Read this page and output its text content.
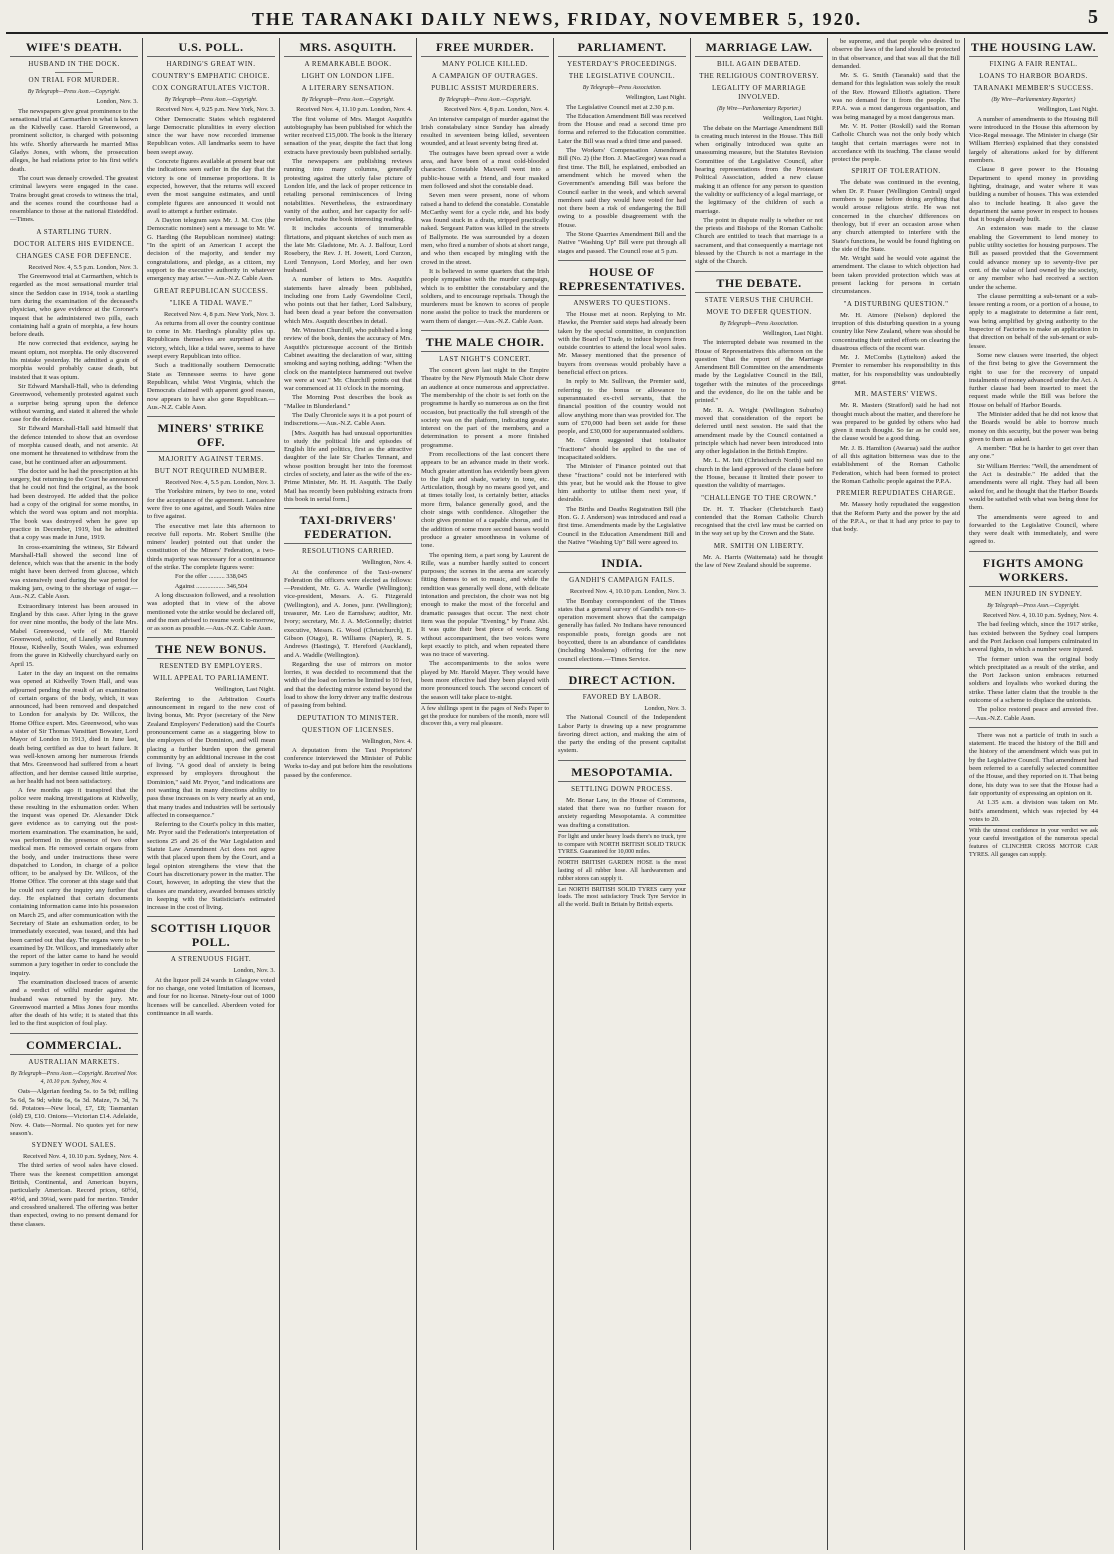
THE TARANAKI DAILY NEWS, FRIDAY, NOVEMBER 5, 1920.	5
WIFE'S DEATH.
HUSBAND IN THE DOCK.
ON TRIAL FOR MURDER.
By Telegraph—Press Assn.—Copyright.
London, Nov. 3.

The newspapers give great prominence to the sensational trial at Carmarthen in what is known as the Kidwelly case. Harold Greenwood, a prominent solicitor, is charged with poisoning his wife. Shortly afterwards he married Miss Gladys Jones, with whom, the prosecution alleges, he had relations prior to his first wife's death.

The court was densely crowded. The greatest criminal lawyers were engaged in the case. Trains brought great crowds to witness the trial, and the scenes round the courthouse had a resemblance to those at the national Eisteddfod.—Times.

A STARTLING TURN.
DOCTOR ALTERS HIS EVIDENCE.
CHANGES CASE FOR DEFENCE.
Received Nov. 4, 5.5 p.m. London, Nov. 3.

The Greenwood trial at Carmarthen, which is regarded as the most sensational murder trial since the Seddon case in 1914, took a startling turn during the examination of the deceased's physician, who gave evidence at the Coroner's inquest that he administered two pills, each containing half a grain of morphia, a few hours before death.

He now corrected that evidence, saying he meant opium, not morphia. He only discovered his mistake yesterday. He admitted a grain of morphia would probably cause death, but insisted that it was opium.

Sir Edward Marshall-Hall, who is defending Greenwood, vehemently protested against such a surprise being sprung upon the defence without warning, and stated it altered the whole case for the defence.

Sir Edward Marshall-Hall said himself that the defence intended to show that an overdose of morphia caused death, and not arsenic. At one moment he threatened to withdraw from the case, but he continued after an adjournment.

The doctor said he had the prescription at his surgery, but returning to the Court he announced that he could not find the original, as the book had been destroyed. He added that the police had a copy of the original for some months, in which the word was opium and not morphia. The book was destroyed when he gave up practice in December, 1919, but he admitted that a copy was made in June, 1919.

In cross-examining the witness, Sir Edward Marshall-Hall showed the second line of defence, which was that the arsenic in the body might have been derived from glucose, which was extensively used during the war period for making jam, owing to the shortage of sugar.—Aus.-N.Z. Cable Assn.

Extraordinary interest has been aroused in England by this case. After lying in the grave for over nine months, the body of the late Mrs. Mabel Greenwood, wife of Mr. Harold Greenwood, solicitor, of Llanelly and Rumney House, Kidwelly, South Wales, was exhumed from the grave in Kidwelly churchyard early on April 15.

Later in the day an inquest on the remains was opened at Kidwelly Town Hall, and was adjourned pending the result of an examination of certain organs of the body, which, it was announced, had been removed and despatched to London for analysis by Dr. Willcox, the Home Office expert. Mrs. Greenwood, who was a sister of Sir Thomas Vansittart Bowater, Lord Mayor of London in 1913, died in June last, death being certified as due to heart failure. It was well-known among her numerous friends that Mrs. Greenwood had suffered from a heart affection, and her demise caused little surprise, as her health had not been satisfactory.

A few months ago it transpired that the police were making investigations at Kidwelly, these resulting in the exhumation order. When the inquest was opened Dr. Alexander Dick gave evidence as to carrying out the post-mortem examination. The examination, he said, was performed in the presence of two other medical men. He removed certain organs from the body, and under instructions these were dispatched to London, in charge of a police officer, to be analysed by Dr. Willcox, of the Home Office. The coroner at this stage said that he could not carry the inquiry any further that day. He explained that certain documents containing information came into his possession on March 25, and after communication with the Secretary of State an exhumation order, to be immediately executed, was issued, and this had been carried out that day. The organs were to be examined by Dr. Willcox, and immediately after the report of the latter came to hand he would summon a jury together in order to conclude the inquiry.

The examination disclosed traces of arsenic and a verdict of wilful murder against the husband was returned by the jury. Mr. Greenwood married a Miss Jones four months after the death of his wife; it is stated that this led to the first suspicion of foul play.

COMMERCIAL.
AUSTRALIAN MARKETS.
By Telegraph—Press Assn.—Copyright. Received Nov. 4, 10.10 p.m. Sydney, Nov. 4.

Oats—Algerian feeding 5s. to 5s 9d; milling 5s 6d, 5s 9d; white 6s, 6s 3d. Maize, 7s 3d, 7s 6d. Potatoes—New local, £7, £8; Tasmanian (old) £9, £10. Onions—Victorian £14. Adelaide, Nov. 4. Oats—Normal. No quotes yet for new season's.

SYDNEY WOOL SALES.
Received Nov. 4, 10.10 p.m. Sydney, Nov. 4.

The third series of wool sales have closed. There was the keenest competition amongst British, Continental, and American buyers, particularly American. Record prices, 60½d, 49½d, and 39¼d, were paid for merino. Tender and crossbred unaltered. The offering was better than expected, owing to no present demand for these classes.

U.S. POLL.
HARDING'S GREAT WIN.
COUNTRY'S EMPHATIC CHOICE.
COX CONGRATULATES VICTOR.
By Telegraph—Press Assn.—Copyright.
Received Nov. 4, 9.25 p.m. New York, Nov. 3.

Other Democratic States which registered large Democratic pluralities in every election since the war have now recorded immense Republican votes. All landmarks seem to have been swept away.

Concrete figures available at present bear out the indications seen earlier in the day that the victory is one of immense proportions. It is expected, however, that the returns will exceed even the most sanguine estimates, and until complete figures are announced it would not avail to attempt a further estimate.

A Dayton telegram says Mr. J. M. Cox (the Democratic nominee) sent a message to Mr. W. G. Harding (the Republican nominee) stating: "In the spirit of an American I accept the decision of the majority, and tender my congratulations, and pledge, as a citizen, my support to the executive authority in whatever emergency may arise."—Aus.-N.Z. Cable Assn.

GREAT REPUBLICAN SUCCESS.
"LIKE A TIDAL WAVE."
Received Nov. 4, 8 p.m. New York, Nov. 3.

As returns from all over the country continue to come in Mr. Harding's plurality piles up. Republicans themselves are surprised at the victory, which, like a tidal wave, seems to have swept every Republican into office.

Such a traditionally southern Democratic State as Tennessee seems to have gone Republican, whilst West Virginia, which the Democrats claimed with apparent good reason, now appears to have also gone Republican.—Aus.-N.Z. Cable Assn.

MINERS' STRIKE OFF.
MAJORITY AGAINST TERMS.
BUT NOT REQUIRED NUMBER.
Received Nov. 4, 5.5 p.m. London, Nov. 3.

The Yorkshire miners, by two to one, voted for the acceptance of the agreement. Lancashire were five to one against, and South Wales nine to five against.

The executive met late this afternoon to receive full reports. Mr. Robert Smillie (the miners' leader) pointed out that under the constitution of the Miners' Federation, a two-thirds majority was necessary for a continuance of the strike. The complete figures were:

For the offer .......... 338,045
Against .................. 346,504

A long discussion followed, and a resolution was adopted that in view of the above mentioned vote the strike would be declared off, and the men advised to resume work to-morrow, or as soon as possible.—Aus.-N.Z. Cable Assn.

THE NEW BONUS.
RESENTED BY EMPLOYERS.
WILL APPEAL TO PARLIAMENT.
Wellington, Last Night.

Referring to the Arbitration Court's announcement in regard to the new cost of living bonus, Mr. Pryor (secretary of the New Zealand Employers' Federation) said the Court's pronouncement came as a staggering blow to the employers of the Dominion, and will mean placing a further burden upon the general community by an additional increase in the cost of living. "A good deal of anxiety is being expressed by employers throughout the Dominion," said Mr. Pryor, "and indications are not wanting that in many directions ability to pass these increases on is very nearly at an end, that many trades and industries will be seriously affected in consequence."

Referring to the Court's policy in this matter, Mr. Pryor said the Federation's interpretation of sections 25 and 26 of the War Legislation and Statute Law Amendment Act does not agree with that placed upon them by the Court, and a legal opinion strengthens the view that the Court has discretionary power in the matter. The Court, however, in adopting the view that the clauses are mandatory, awarded bonuses strictly in keeping with the Statistician's estimated increase in the cost of living.

SCOTTISH LIQUOR POLL.
A STRENUOUS FIGHT.
London, Nov. 3.

At the liquor poll 24 wards in Glasgow voted for no change, one voted limitation of licenses, and four for no license. Ninety-four out of 1000 licenses will be cancelled. Aberdeen voted for continuance in all wards.

MRS. ASQUITH.
A REMARKABLE BOOK.
LIGHT ON LONDON LIFE.
A LITERARY SENSATION.
By Telegraph—Press Assn.—Copyright.
Received Nov. 4, 11.10 p.m. London, Nov. 4.

The first volume of Mrs. Margot Asquith's autobiography has been published for which the writer received £15,000. The book is the literary sensation of the year, despite the fact that long extracts have previously been published serially.

The newspapers are publishing reviews running into many columns, generally protesting against the utterly false picture of London life, and the lack of proper reticence in retailing personal reminiscences of living notabilities. Nevertheless, the extraordinary vanity of the author, and her capacity for self-revelation, make the book interesting reading.

It includes accounts of innumerable flirtations, and piquant sketches of such men as the late Mr. Gladstone, Mr. A. J. Balfour, Lord Rosebery, the Rev. J. H. Jowett, Lord Curzon, Lord Tennyson, Lord Morley, and her own husband.

A number of letters to Mrs. Asquith's statements have already been published, including one from Lady Gwendoline Cecil, who points out that her father, Lord Salisbury, had been dead a year before the conversation which Mrs. Asquith describes in detail.

Mr. Winston Churchill, who published a long review of the book, denies the accuracy of Mrs. Asquith's picturesque account of the British Cabinet awaiting the declaration of war, sitting smoking and saying nothing, adding: "When the clock on the mantelpiece hammered out twelve we were at war." Mr. Churchill points out that war commenced at 11 o'clock in the morning.

The Morning Post describes the book as "Mallee in Blunderland."

The Daily Chronicle says it is a pot pourri of indiscretions.—Aus.-N.Z. Cable Assn.

[Mrs. Asquith has had unusual opportunities to study the political life and episodes of English life and politics, first as the attractive daughter of the late Sir Charles Tennant, and whose position brought her into the foremost circles of society, and later as the wife of the ex-Prime Minister, Mr. H. H. Asquith. The Daily Mail has recently been publishing extracts from this book in serial form.]

TAXI-DRIVERS' FEDERATION.
RESOLUTIONS CARRIED.
Wellington, Nov. 4.

At the conference of the Taxi-owners' Federation the officers were elected as follows:—President, Mr. G. A. Wardle (Wellington); vice-president, Messrs. A. G. Fitzgerald (Wellington), and A. Jones, junr. (Wellington); treasurer, Mr. Leo de Earnshaw; auditor, Mr. Ivory; secretary, Mr. J. A. McGonnelly; district executive, Messrs. G. Wood (Christchurch), E. Gibson (Otago), R. Williams (Napier), R. S. Andrews (Hastings), T. Hereford (Auckland), and A. Waddle (Wellington).

Regarding the use of mirrors on motor lorries, it was decided to recommend that the width of the load on lorries be limited to 10 feet, and that the defecting mirror extend beyond the load to show the lorry driver any traffic desirous of passing from behind.

DEPUTATION TO MINISTER.
QUESTION OF LICENSES.
Wellington, Nov. 4.

A deputation from the Taxi Proprietors' conference interviewed the Minister of Public Works to-day and put before him the resolutions passed by the conference.

FREE MURDER.
MANY POLICE KILLED.
A CAMPAIGN OF OUTRAGES.
PUBLIC ASSIST MURDERERS.
By Telegraph—Press Assn.—Copyright.
Received Nov. 4, 8 p.m. London, Nov. 4.

An intensive campaign of murder against the Irish constabulary since Sunday has already resulted in seventeen being killed, seventeen wounded, and at least seventy being fired at.

The outrages have been spread over a wide area, and have been of a most cold-blooded character. Constable Maxwell went into a public-house with a friend, and four masked men followed and shot the constable dead.

Seven men were present, none of whom raised a hand to defend the constable. Constable McCarthy went for a cycle ride, and his body was found stuck in a drain, stripped practically naked. Sergeant Patton was killed in the streets of Ballymote. He was surrounded by a dozen men, who fired a number of shots at short range, and who then escaped by mingling with the crowd in the street.

It is believed in some quarters that the Irish people sympathise with the murder campaign, which is to embitter the constabulary and the soldiers, and to encourage reprisals. Though the murderers must be known to scores of people none assist the police to track the murderers or warn them of danger.—Aus.-N.Z. Cable Assn.

THE MALE CHOIR.
LAST NIGHT'S CONCERT.

The concert given last night in the Empire Theatre by the New Plymouth Male Choir drew an audience at once numerous and appreciative. The membership of the choir is set forth on the programme is hardly so numerous as on the first occasion, but practically the full strength of the society was on the platform, indicating greater interest on the part of the members, and a determination to present a more finished programme.

From recollections of the last concert there appears to be an advance made in their work. Much greater attention has evidently been given to the light and shade, variety in tone, etc. Articulation, though by no means good yet, and at times totally lost, is certainly better, attacks more firm, balance generally good, and the choir sings with confidence. Altogether the choir gives promise of a capable chorus, and in the addition of some more second basses would produce a greater smoothness in volume of tone.

The opening item, a part song by Laurent de Rille, was a number hardly suited to concert purposes; the scenes in the arena are scarcely fitting themes to set to music, and while the rendition was generally well done, with delicate intonation and precision, the choir was not big enough to make the most of the forceful and dramatic passages that occur. The next choir item was the popular "Evening," by Franz Abt. It was quite their best piece of work. Sung without accompaniment, the two voices were kept exactly to pitch, and when repeated there was no trace of wavering.

The accompaniments to the solos were played by Mr. Harold Mayer. They would have been more effective had they been played with more pronounced touch. The second concert of the season will take place to-night.

A few shillings spent in the pages of Ned's Paper to get the produce for numbers of the month, more will discover this, a very real pleasure.
PARLIAMENT.
YESTERDAY'S PROCEEDINGS.
THE LEGISLATIVE COUNCIL.
By Telegraph—Press Association.
Wellington, Last Night.

The Legislative Council met at 2.30 p.m.

The Education Amendment Bill was received from the House and read a second time pro forma and referred to the Education committee. Later the Bill was read a third time and passed.

The Workers' Compensation Amendment Bill (No. 2) (the Hon. J. MacGregor) was read a first time. The Bill, he explained, embodied an amendment which he moved when the Government's amending Bill was before the Council earlier in the week, and which several members said they would have voted for had not there been a risk of endangering the Bill owing to a possible disagreement with the House.

The Stone Quarries Amendment Bill and the Native "Washing Up" Bill were put through all stages and passed. The Council rose at 5 p.m.

HOUSE OF REPRESENTATIVES.
ANSWERS TO QUESTIONS.

The House met at noon. Replying to Mr. Hawke, the Premier said steps had already been taken by the special committee, in conjunction with the Board of Trade, to induce buyers from outside countries to attend the local wool sales. Mr. Massey mentioned that the presence of buyers from overseas would probably have a beneficial effect on prices.

In reply to Mr. Sullivan, the Premier said, referring to the bonus or allowance to superannuated ex-civil servants, that the financial position of the country would not allow anything more than was provided for. The sum of £70,000 had been set aside for these people, and £30,000 for superannuated soldiers.

Mr. Glenn suggested that totalisator "fractions" should be applied to the use of incapacitated soldiers.

The Minister of Finance pointed out that these "fractions" could not be interfered with this year, but he would ask the House to give him authority to utilise them next year, if desirable.

The Births and Deaths Registration Bill (the Hon. G. J. Anderson) was introduced and read a first time. Amendments made by the Legislative Council in the Education Amendment Bill and the Native "Washing Up" Bill were agreed to.

INDIA.
GANDHI'S CAMPAIGN FAILS.
Received Nov. 4, 10.10 p.m. London, Nov. 3.

The Bombay correspondent of the Times states that a general survey of Gandhi's non-co-operation movement shows that the campaign generally has failed. No Indians have renounced responsible posts, foreign goods are not boycotted, there is an abundance of candidates (including Moslems) offering for the new council elections.—Times Service.

DIRECT ACTION.
FAVORED BY LABOR.
London, Nov. 3.

The National Council of the Independent Labor Party is drawing up a new programme favoring direct action, and making the aim of the party the ending of the present capitalist system.

MESOPOTAMIA.
SETTLING DOWN PROCESS.

Mr. Bonar Law, in the House of Commons, stated that there was no further reason for anxiety regarding Mesopotamia. A committee was drafting a constitution.

For light and under heavy loads there's no truck, tyre to compare with NORTH BRITISH SOLID TRUCK TYRES. Guaranteed for 10,000 miles.
NORTH BRITISH GARDEN HOSE is the most lasting of all rubber hose. All hardwaremen and rubber stores can supply it.
Let NORTH BRITISH SOLID TYRES carry your loads. The most satisfactory Truck Tyre Service in all the world. Built in Britain by British experts.
MARRIAGE LAW.
BILL AGAIN DEBATED.
THE RELIGIOUS CONTROVERSY.
LEGALITY OF MARRIAGE INVOLVED.
(By Wire—Parliamentary Reporter.)
Wellington, Last Night.

The debate on the Marriage Amendment Bill is creating much interest in the House. This Bill when originally introduced was quite an unassuming measure, but the Statutes Revision Committee of the Legislative Council, after hearing representations from the Protestant Political Association, added a new clause making it an offence for any person to question the validity or sufficiency of a legal marriage, or the legitimacy of the children of such a marriage.

The point in dispute really is whether or not the priests and Bishops of the Roman Catholic Church are entitled to teach that marriage is a sacrament, and that consequently a marriage not blessed by the Church is not a marriage in the sight of the Church.

THE DEBATE.
STATE VERSUS THE CHURCH.
MOVE TO DEFER QUESTION.
By Telegraph—Press Association.
Wellington, Last Night.

The interrupted debate was resumed in the House of Representatives this afternoon on the question "that the report of the Marriage Amendment Bill Committee on the amendments made by the Legislative Council in the Bill, together with the minutes of the proceedings and the evidence, do lie on the table and be printed."

Mr. R. A. Wright (Wellington Suburbs) moved that consideration of the report be deferred until next session. He said that the amendment made by the Council contained a principle which had never been introduced into any other legislation in the British Empire.

Mr. L. M. Isitt (Christchurch North) said no church in the land approved of the clause before the House, because it limited their power to question the validity of marriages.

"CHALLENGE TO THE CROWN."

Dr. H. T. Thacker (Christchurch East) contended that the Roman Catholic Church recognised that the civil law must be carried on in the way set up by the Crown and the State.

MR. SMITH ON LIBERTY.

Mr. A. Harris (Waitemata) said he thought the law of New Zealand should be supreme.

be supreme, and that people who desired to observe the laws of the land should be protected in that observance, and that was all that the Bill demanded.

Mr. S. G. Smith (Taranaki) said that the demand for this legislation was solely the result of the Rev. Howard Elliott's agitation. There was no demand for it from the people. The P.P.A. was a most dangerous organisation, and was being managed by a most dangerous man.

Mr. V. H. Potter (Roskill) said the Roman Catholic Church was not the only body which taught that certain marriages were not in accordance with its teaching. The clause would protect the people.

SPIRIT OF TOLERATION.

The debate was continued in the evening, when Dr. P. Fraser (Wellington Central) urged members to pause before doing anything that would arouse religious strife. He was not concerned in the churches' differences on theology, but if ever an occasion arose when any church attempted to interfere with the State's functions, he would be found fighting on the side of the State.

Mr. Wright said he would vote against the amendment. The clause to which objection had been taken provided protection which was at present lacking for persons in certain circumstances.

"A DISTURBING QUESTION."

Mr. H. Atmore (Nelson) deplored the irruption of this disturbing question in a young country like New Zealand, where was should be concentrating their united efforts on clearing the disastrous effects of the recent war.

Mr. J. McCombs (Lyttelton) asked the Premier to remember his responsibility in this matter, for his responsibility was undoubtedly great.

MR. MASTERS' VIEWS.

Mr. R. Masters (Stratford) said he had not thought much about the matter, and therefore he was prepared to be guided by others who had given it much thought. So far as he could see, the clause would be a good thing.

Mr. J. B. Hamilton (Awarua) said the author of all this agitation bitterness was due to the establishment of the Roman Catholic Federation, which had been formed to protect the Roman Catholic people against the P.P.A.

PREMIER REPUDIATES CHARGE.

Mr. Massey hotly repudiated the suggestion that the Reform Party and the power by the aid of the P.P.A., or that it had any price to pay to that body.

THE HOUSING LAW.
FIXING A FAIR RENTAL.
LOANS TO HARBOR BOARDS.
TARANAKI MEMBER'S SUCCESS.
(By Wire—Parliamentary Reporter.)
Wellington, Last Night.

A number of amendments to the Housing Bill were introduced in the House this afternoon by Vice-Regal message. The Minister in charge (Sir William Herries) explained that they consisted largely of alterations asked for by different members.

Clause 8 gave power to the Housing Department to spend money in providing lighting, drainage, and water where it was building a number of houses. This was extended also to include heating. It also gave the department the same power in respect to houses that it bought already built.

An extension was made to the clause enabling the Government to lend money to public utility societies for housing purposes. The Bill as passed provided that the Government could advance money up to seventy-five per cent. of the value of land owned by the society, or any member who had received a section under the scheme.

The clause permitting a sub-tenant or a sub-lessee renting a room, or a portion of a house, to apply to a magistrate to determine a fair rent, was being amplified by giving authority to the Inspector of Factories to make an application in that direction on behalf of the sub-tenant or sub-lessee.

Some new clauses were inserted, the object of the first being to give the Government the right to use for the recovery of unpaid instalments of money advanced under the Act. A further clause had been inserted to meet the request made while the Bill was before the House on behalf of Harbor Boards.

The Minister added that he did not know that the Boards would be able to borrow much money on this security, but the power was being given to them as asked.

A member: "But he is harder to get over than any one."

Sir William Herries: "Well, the amendment of the Act is desirable." He added that the amendments were all right. They had all been asked for, and he thought that the Harbor Boards would be satisfied with what was being done for them.

The amendments were agreed to and forwarded to the Legislative Council, where they were dealt with immediately, and were agreed to.

FIGHTS AMONG WORKERS.
MEN INJURED IN SYDNEY.
By Telegraph—Press Assn.—Copyright.
Received Nov. 4, 10.10 p.m. Sydney, Nov. 4.

The bad feeling which, since the 1917 strike, has existed between the Sydney coal lumpers and the Port Jackson coal lumpers culminated in several fights, in which a number were injured.

The former union was the original body which precipitated as a result of the strike, and the Port Jackson union embraces returned soldiers and loyalists who worked during the strike. These latter claim that the trouble is the outcome of a scheme to displace the unionists.

The police restored peace and arrested five.—Aus.-N.Z. Cable Assn.

There was not a particle of truth in such a statement. He traced the history of the Bill and the history of the amendment which was put in by the Legislative Council. That amendment had been referred to a carefully selected committee of the House, and they reported on it. That being done, his duty was to see that the House had a fair opportunity of expressing an opinion on it.

At 1.35 a.m. a division was taken on Mr. Isitt's amendment, which was rejected by 44 votes to 20.

With the utmost confidence in your verdict we ask your careful investigation of the numerous special features of CLINCHER CROSS MOTOR CAR TYRES. All garages can supply.
